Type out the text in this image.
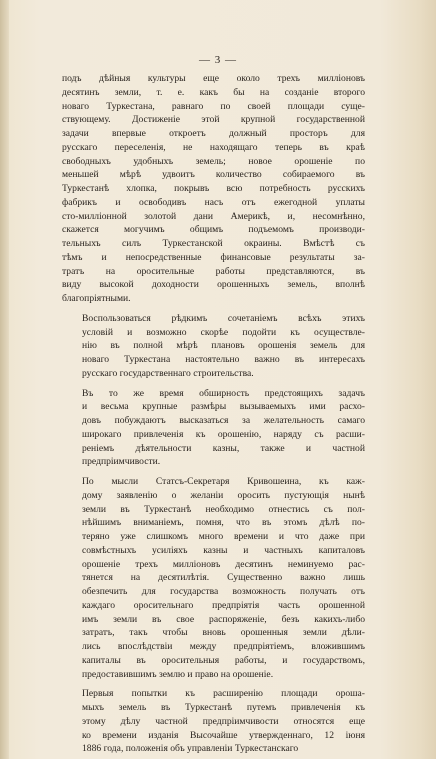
— 3 —

подъ дѣйныя культуры еще около трехъ милліоновъ
десятинъ земли, т. е. какъ бы на созданіе второго
новаго Туркестана, равнаго по своей площади суще-
ствующему. Достиженіе этой крупной государственной
задачи впервые откроетъ должный просторъ для
русскаго переселенія, не находящаго теперь въ краѣ
свободныхъ удобныхъ земель; новое орошеніе по
меньшей мѣрѣ удвоитъ количество собираемого въ
Туркестанѣ хлопка, покрывъ всю потребность русскихъ
фабрикъ и освободивъ насъ отъ ежегодной уплаты
сто-милліонной золотой дани Америкѣ, и, несомнѣнно,
скажется могучимъ общимъ подъемомъ производи-
тельныхъ силъ Туркестанской окраины. Вмѣстѣ съ
тѣмъ и непосредственные финансовые результаты за-
тратъ на оросительные работы представляются, въ
виду высокой доходности орошенныхъ земель, вполнѣ
благопріятными.

Воспользоваться рѣдкимъ сочетаніемъ всѣхъ этихъ
условій и возможно скорѣе подойти къ осуществле-
нію въ полной мѣрѣ плановъ орошенія земель для
новаго Туркестана настоятельно важно въ интересахъ
русскаго государственнаго строительства.

Въ то же время обширность предстоящихъ задачъ
и весьма крупные размѣры вызываемыхъ ими расхо-
довъ побуждаютъ высказаться за желательность самаго
широкаго привлеченія къ орошенію, наряду съ расши-
реніемъ дѣятельности казны, также и частной
предпріимчивости.

По мысли Статсъ-Секретаря Кривошеина, къ каж-
дому заявленію о желаніи оросить пустующія нынѣ
земли въ Туркестанѣ необходимо отнестись съ пол-
нѣйшимъ вниманіемъ, помня, что въ этомъ дѣлѣ по-
теряно уже слишкомъ много времени и что даже при
совмѣстныхъ усиліяхъ казны и частныхъ капиталовъ
орошеніе трехъ милліоновъ десятинъ неминуемо рас-
тянется на десятилѣтія. Существенно важно лишь
обезпечить для государства возможность получать отъ
каждаго оросительнаго предпріятія часть орошенной
имъ земли въ свое распоряженіе, безъ какихъ-либо
затратъ, такъ чтобы вновь орошенныя земли дѣли-
лись впослѣдствіи между предпріятіемъ, вложившимъ
капиталы въ оросительныя работы, и государствомъ,
предоставившимъ землю и право на орошеніе.

Первыя попытки къ расширенію площади ороша-
мыхъ земель въ Туркестанѣ путемъ привлеченія къ
этому дѣлу частной предпріимчивости относятся еще
ко времени изданія Высочайше утвержденнаго, 12 іюня
1886 года, положенія объ управленіи Туркестанскаго
